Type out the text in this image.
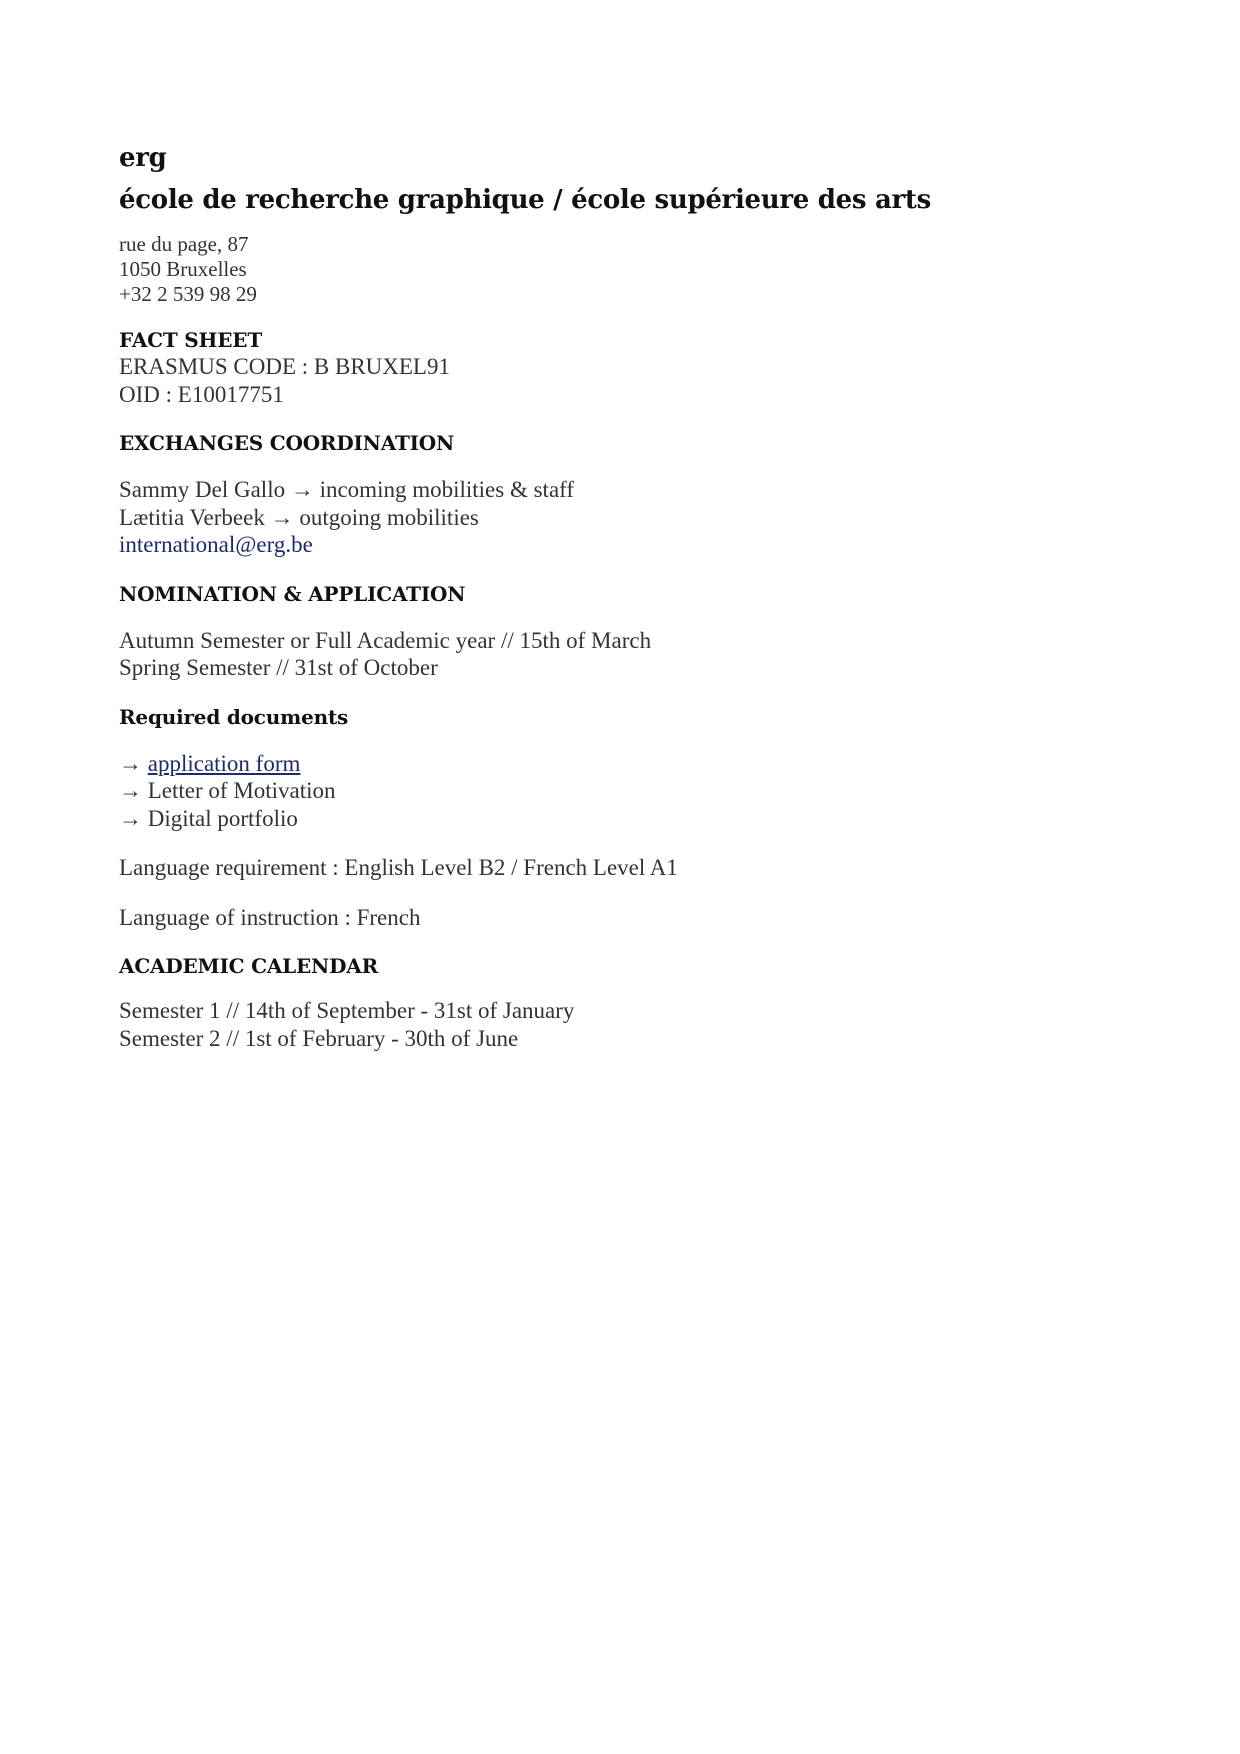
erg
école de recherche graphique / école supérieure des arts
rue du page, 87
1050 Bruxelles
+32 2 539 98 29
FACT SHEET
ERASMUS CODE : B BRUXEL91
OID : E10017751
EXCHANGES COORDINATION
Sammy Del Gallo → incoming mobilities & staff
Lætitia Verbeek → outgoing mobilities
international@erg.be
NOMINATION & APPLICATION
Autumn Semester or Full Academic year // 15th of March
Spring Semester // 31st of October
Required documents
→ application form
→ Letter of Motivation
→ Digital portfolio
Language requirement : English Level B2 / French Level A1
Language of instruction : French
ACADEMIC CALENDAR
Semester 1 // 14th of September - 31st of January
Semester 2 // 1st of February - 30th of June
